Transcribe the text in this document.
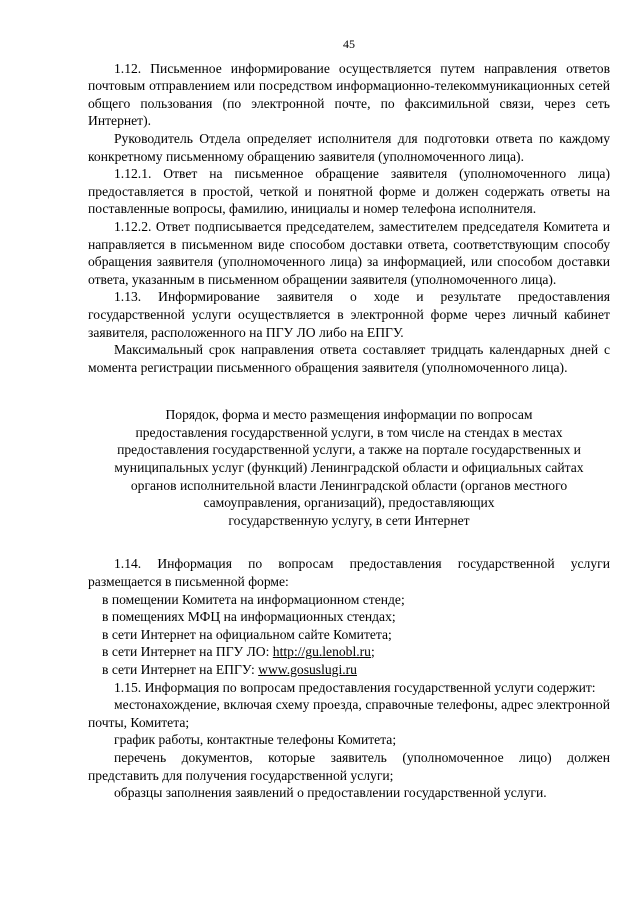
45

1.12. Письменное информирование осуществляется путем направления ответов почтовым отправлением или посредством информационно-телекоммуникационных сетей общего пользования (по электронной почте, по факсимильной связи, через сеть Интернет).

Руководитель Отдела определяет исполнителя для подготовки ответа по каждому конкретному письменному обращению заявителя (уполномоченного лица).

1.12.1. Ответ на письменное обращение заявителя (уполномоченного лица) предоставляется в простой, четкой и понятной форме и должен содержать ответы на поставленные вопросы, фамилию, инициалы и номер телефона исполнителя.

1.12.2. Ответ подписывается председателем, заместителем председателя Комитета и направляется в письменном виде способом доставки ответа, соответствующим способу обращения заявителя (уполномоченного лица) за информацией, или способом доставки ответа, указанным в письменном обращении заявителя (уполномоченного лица).

1.13. Информирование заявителя о ходе и результате предоставления государственной услуги осуществляется в электронной форме через личный кабинет заявителя, расположенного на ПГУ ЛО либо на ЕПГУ.

Максимальный срок направления ответа составляет тридцать календарных дней с момента регистрации письменного обращения заявителя (уполномоченного лица).

Порядок, форма и место размещения информации по вопросам
предоставления государственной услуги, в том числе на стендах в местах
предоставления государственной услуги, а также на портале государственных и
муниципальных услуг (функций) Ленинградской области и официальных сайтах
органов исполнительной власти Ленинградской области (органов местного
самоуправления, организаций), предоставляющих
государственную услугу, в сети Интернет

1.14. Информация по вопросам предоставления государственной услуги размещается в письменной форме:

в помещении Комитета на информационном стенде;

в помещениях МФЦ на информационных стендах;

в сети Интернет на официальном сайте Комитета;

в сети Интернет на ПГУ ЛО: http://gu.lenobl.ru;

в сети Интернет на ЕПГУ: www.gosuslugi.ru

1.15. Информация по вопросам предоставления государственной услуги содержит:

местонахождение, включая схему проезда, справочные телефоны, адрес электронной почты, Комитета;

график работы, контактные телефоны Комитета;

перечень документов, которые заявитель (уполномоченное лицо) должен представить для получения государственной услуги;

образцы заполнения заявлений о предоставлении государственной услуги.
